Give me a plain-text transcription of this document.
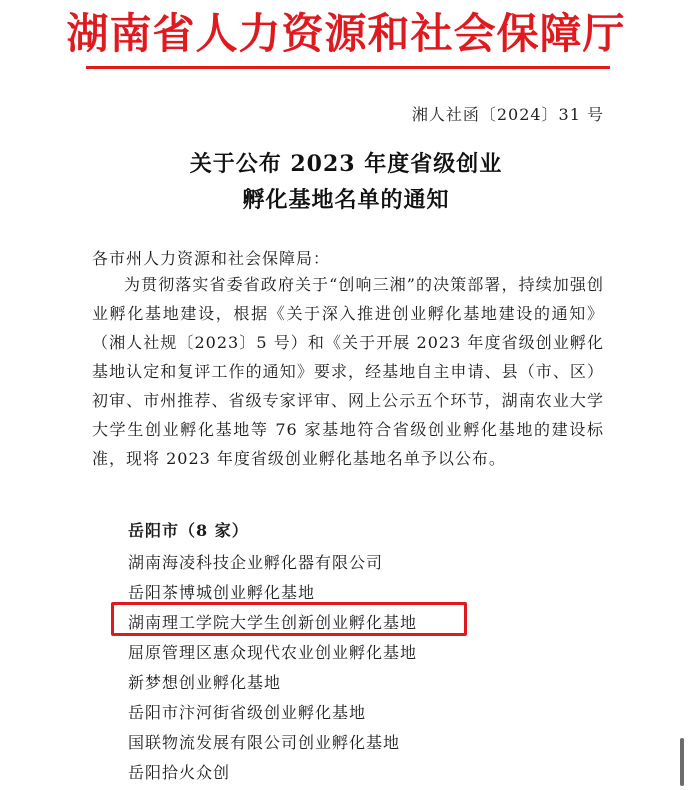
湖南省人力资源和社会保障厅
湘人社函〔2024〕31 号
关于公布 2023 年度省级创业
孵化基地名单的通知
各市州人力资源和社会保障局：
为贯彻落实省委省政府关于“创响三湘”的决策部署，持续加强创业孵化基地建设，根据《关于深入推进创业孵化基地建设的通知》（湘人社规〔2023〕5 号）和《关于开展 2023 年度省级创业孵化基地认定和复评工作的通知》要求，经基地自主申请、县（市、区）初审、市州推荐、省级专家评审、网上公示五个环节，湖南农业大学大学生创业孵化基地等 76 家基地符合省级创业孵化基地的建设标准，现将 2023 年度省级创业孵化基地名单予以公布。
岳阳市（8 家）
湖南海凌科技企业孵化器有限公司
岳阳茶博城创业孵化基地
湖南理工学院大学生创新创业孵化基地
屈原管理区惠众现代农业创业孵化基地
新梦想创业孵化基地
岳阳市汴河街省级创业孵化基地
国联物流发展有限公司创业孵化基地
岳阳拾火众创
